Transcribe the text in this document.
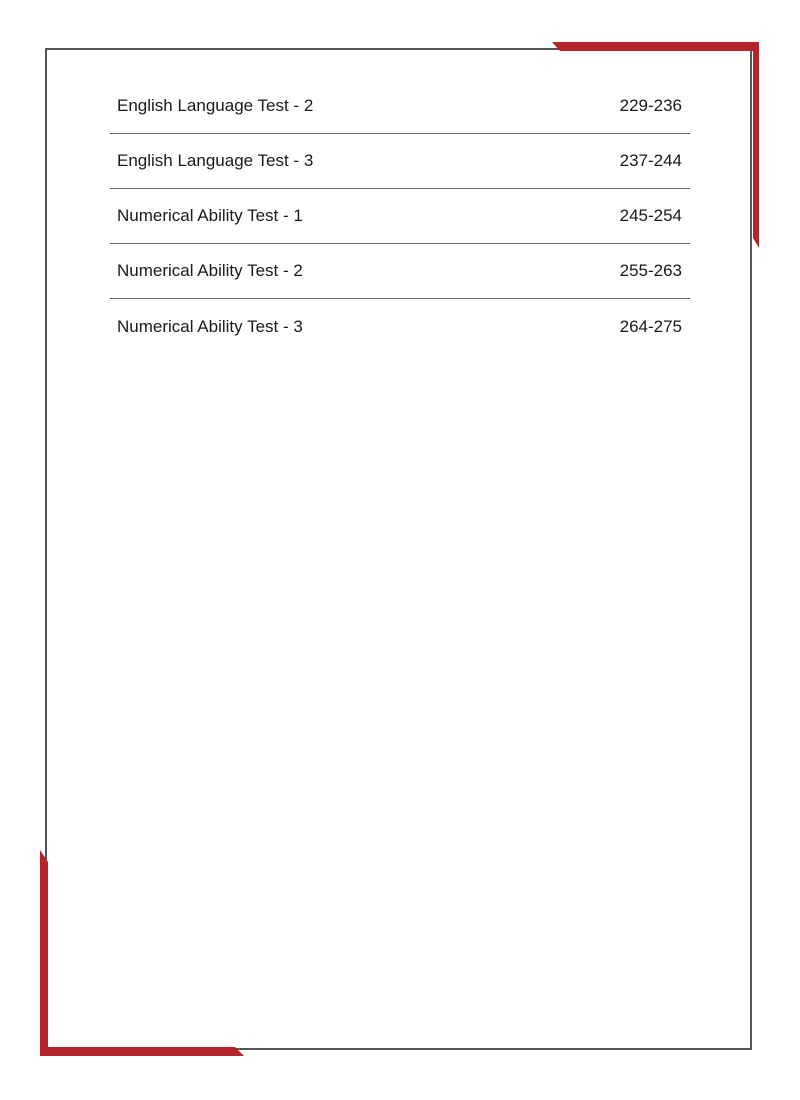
English Language Test - 2	229-236
English Language Test - 3	237-244
Numerical Ability Test - 1	245-254
Numerical Ability Test - 2	255-263
Numerical Ability Test - 3	264-275
